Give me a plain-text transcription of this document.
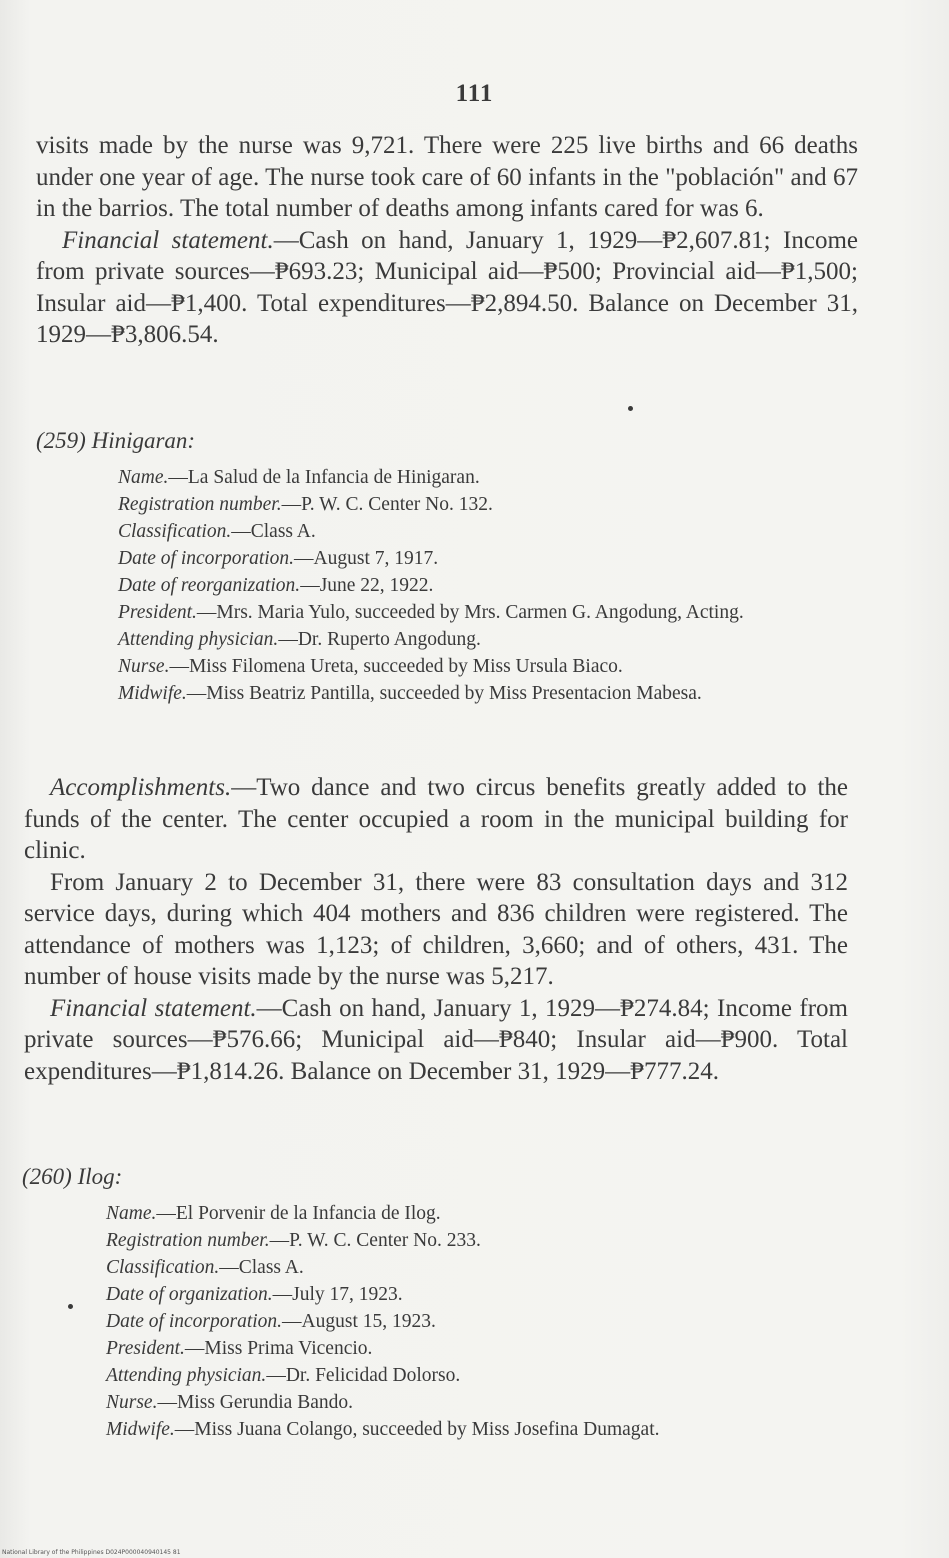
111

visits made by the nurse was 9,721. There were 225 live births and 66 deaths under one year of age. The nurse took care of 60 infants in the "población" and 67 in the barrios. The total number of deaths among infants cared for was 6.

Financial statement.—Cash on hand, January 1, 1929—₱2,607.81; Income from private sources—₱693.23; Municipal aid—₱500; Provincial aid—₱1,500; Insular aid—₱1,400. Total expenditures—₱2,894.50. Balance on December 31, 1929—₱3,806.54.

(259) Hinigaran:
Name.—La Salud de la Infancia de Hinigaran.
Registration number.—P. W. C. Center No. 132.
Classification.—Class A.
Date of incorporation.—August 7, 1917.
Date of reorganization.—June 22, 1922.
President.—Mrs. Maria Yulo, succeeded by Mrs. Carmen G. Angodung, Acting.
Attending physician.—Dr. Ruperto Angodung.
Nurse.—Miss Filomena Ureta, succeeded by Miss Ursula Biaco.
Midwife.—Miss Beatriz Pantilla, succeeded by Miss Presentacion Mabesa.

Accomplishments.—Two dance and two circus benefits greatly added to the funds of the center. The center occupied a room in the municipal building for clinic.

From January 2 to December 31, there were 83 consultation days and 312 service days, during which 404 mothers and 836 children were registered. The attendance of mothers was 1,123; of children, 3,660; and of others, 431. The number of house visits made by the nurse was 5,217.

Financial statement.—Cash on hand, January 1, 1929—₱274.84; Income from private sources—₱576.66; Municipal aid—₱840; Insular aid—₱900. Total expenditures—₱1,814.26. Balance on December 31, 1929—₱777.24.

(260) Ilog:
Name.—El Porvenir de la Infancia de Ilog.
Registration number.—P. W. C. Center No. 233.
Classification.—Class A.
Date of organization.—July 17, 1923.
Date of incorporation.—August 15, 1923.
President.—Miss Prima Vicencio.
Attending physician.—Dr. Felicidad Dolorso.
Nurse.—Miss Gerundia Bando.
Midwife.—Miss Juana Colango, succeeded by Miss Josefina Dumagat.
National Library of the Philippines D024P000040940145 81
